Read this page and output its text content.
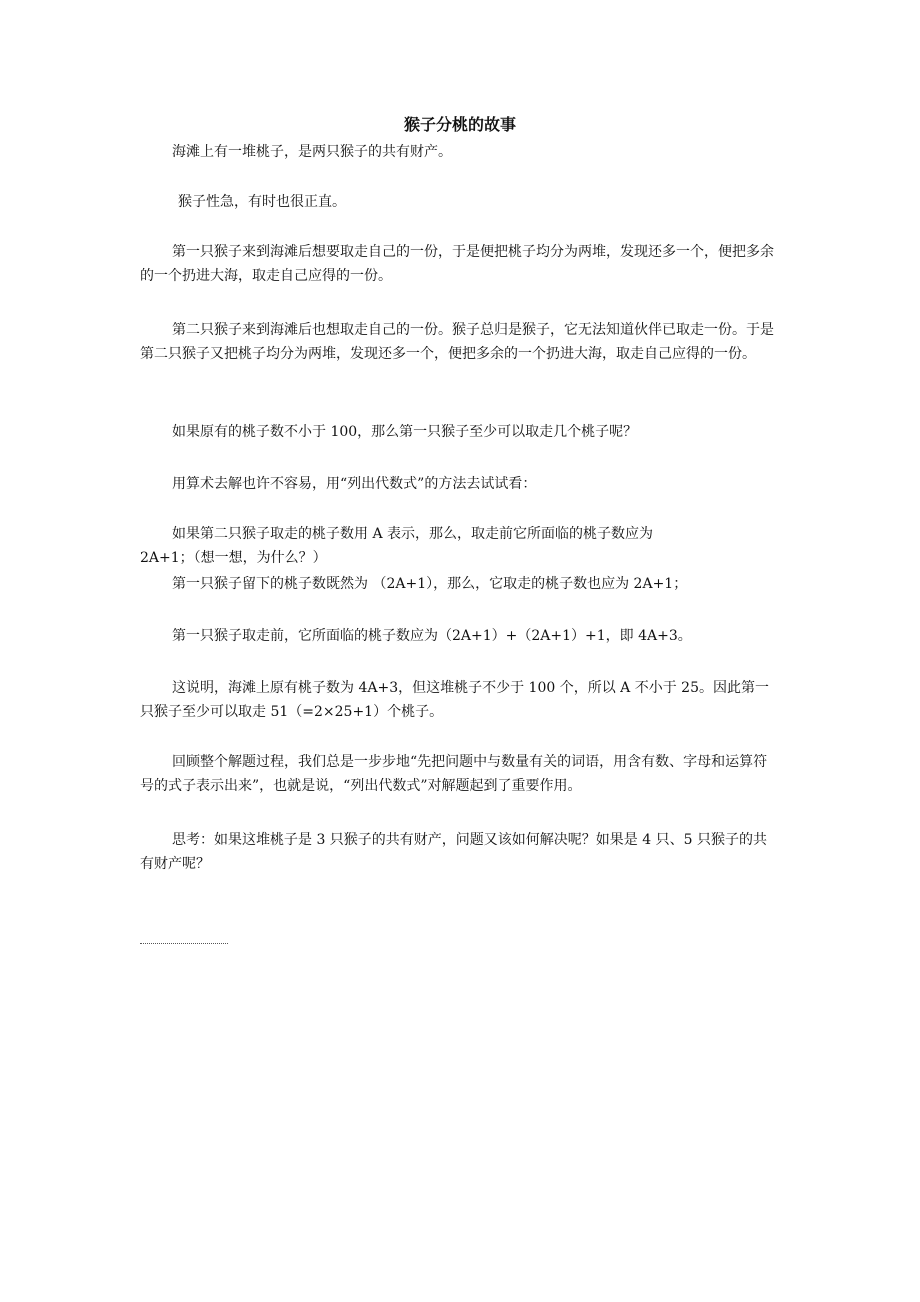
猴子分桃的故事

海滩上有一堆桃子，是两只猴子的共有财产。

猴子性急，有时也很正直。

第一只猴子来到海滩后想要取走自己的一份，于是便把桃子均分为两堆，发现还多一个，便把多余的一个扔进大海，取走自己应得的一份。

第二只猴子来到海滩后也想取走自己的一份。猴子总归是猴子，它无法知道伙伴已取走一份。于是第二只猴子又把桃子均分为两堆，发现还多一个，便把多余的一个扔进大海，取走自己应得的一份。

如果原有的桃子数不小于 100，那么第一只猴子至少可以取走几个桃子呢？

用算术去解也许不容易，用“列出代数式”的方法去试试看：

如果第二只猴子取走的桃子数用 A 表示，那么，取走前它所面临的桃子数应为
2A+1；（想一想，为什么？）
第一只猴子留下的桃子数既然为 （2A+1），那么，它取走的桃子数也应为 2A+1；
第一只猴子取走前，它所面临的桃子数应为（2A+1）+（2A+1）+1，即 4A+3。

这说明，海滩上原有桃子数为 4A+3，但这堆桃子不少于 100 个，所以 A 不小于 25。因此第一只猴子至少可以取走 51（=2×25+1）个桃子。

回顾整个解题过程，我们总是一步步地“先把问题中与数量有关的词语，用含有数、字母和运算符号的式子表示出来”，也就是说，“列出代数式”对解题起到了重要作用。

思考：如果这堆桃子是 3 只猴子的共有财产，问题又该如何解决呢？如果是 4 只、5 只猴子的共有财产呢？
